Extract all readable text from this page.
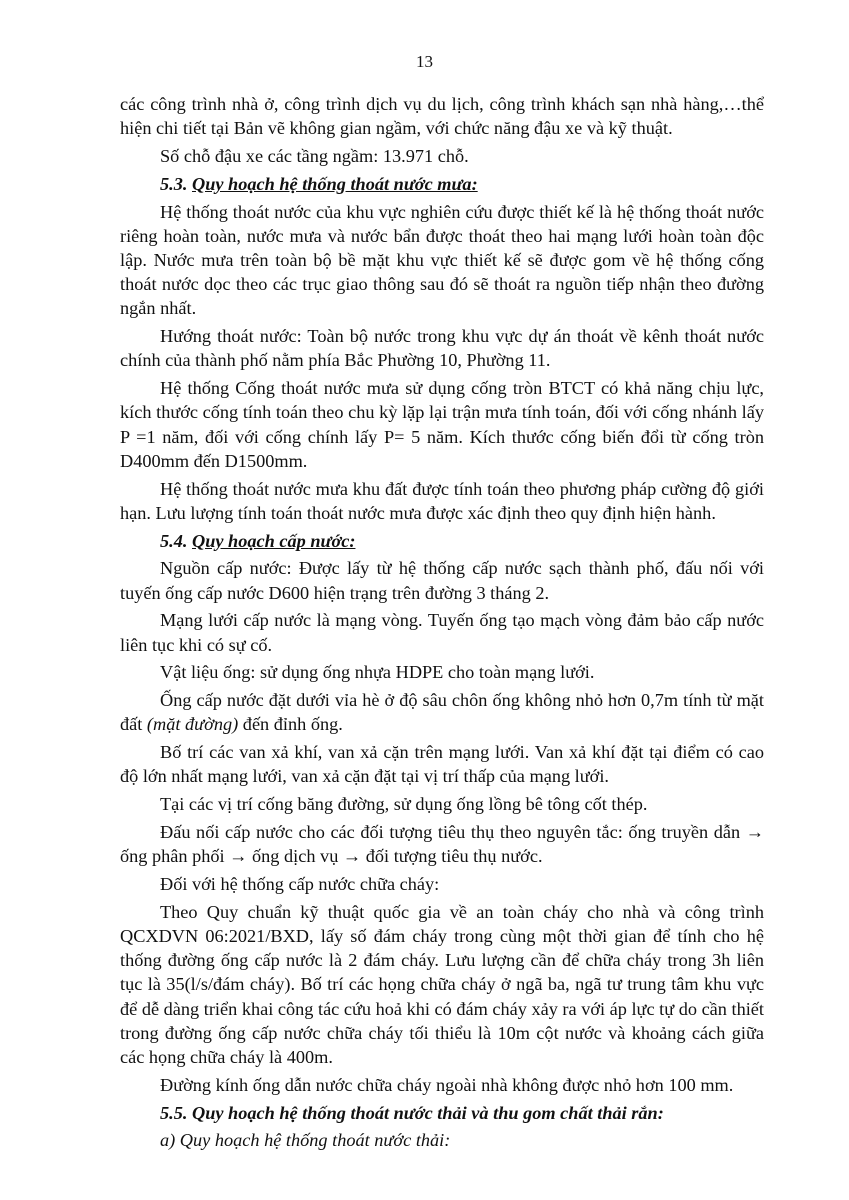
13

các công trình nhà ở, công trình dịch vụ du lịch, công trình khách sạn nhà hàng,…thể hiện chi tiết tại Bản vẽ không gian ngầm, với chức năng đậu xe và kỹ thuật.

Số chỗ đậu xe các tầng ngầm: 13.971 chỗ.

5.3. Quy hoạch hệ thống thoát nước mưa:

Hệ thống thoát nước của khu vực nghiên cứu được thiết kế là hệ thống thoát nước riêng hoàn toàn, nước mưa và nước bẩn được thoát theo hai mạng lưới hoàn toàn độc lập. Nước mưa trên toàn bộ bề mặt khu vực thiết kế sẽ được gom về hệ thống cống thoát nước dọc theo các trục giao thông sau đó sẽ thoát ra nguồn tiếp nhận theo đường ngắn nhất.

Hướng thoát nước: Toàn bộ nước trong khu vực dự án thoát về kênh thoát nước chính của thành phố nằm phía Bắc Phường 10, Phường 11.

Hệ thống Cống thoát nước mưa sử dụng cống tròn BTCT có khả năng chịu lực, kích thước cống tính toán theo chu kỳ lặp lại trận mưa tính toán, đối với cống nhánh lấy P =1 năm, đối với cống chính lấy P= 5 năm. Kích thước cống biến đổi từ cống tròn D400mm đến D1500mm.

Hệ thống thoát nước mưa khu đất được tính toán theo phương pháp cường độ giới hạn. Lưu lượng tính toán thoát nước mưa được xác định theo quy định hiện hành.

5.4. Quy hoạch cấp nước:

Nguồn cấp nước: Được lấy từ hệ thống cấp nước sạch thành phố, đấu nối với tuyến ống cấp nước D600 hiện trạng trên đường 3 tháng 2.

Mạng lưới cấp nước là mạng vòng. Tuyến ống tạo mạch vòng đảm bảo cấp nước liên tục khi có sự cố.

Vật liệu ống: sử dụng ống nhựa HDPE cho toàn mạng lưới.

Ống cấp nước đặt dưới vỉa hè ở độ sâu chôn ống không nhỏ hơn 0,7m tính từ mặt đất (mặt đường) đến đỉnh ống.

Bố trí các van xả khí, van xả cặn trên mạng lưới. Van xả khí đặt tại điểm có cao độ lớn nhất mạng lưới, van xả cặn đặt tại vị trí thấp của mạng lưới.

Tại các vị trí cống băng đường, sử dụng ống lồng bê tông cốt thép.

Đấu nối cấp nước cho các đối tượng tiêu thụ theo nguyên tắc: ống truyền dẫn → ống phân phối → ống dịch vụ → đối tượng tiêu thụ nước.

Đối với hệ thống cấp nước chữa cháy:

Theo Quy chuẩn kỹ thuật quốc gia về an toàn cháy cho nhà và công trình QCXDVN 06:2021/BXD, lấy số đám cháy trong cùng một thời gian để tính cho hệ thống đường ống cấp nước là 2 đám cháy. Lưu lượng cần để chữa cháy trong 3h liên tục là 35(l/s/đám cháy). Bố trí các họng chữa cháy ở ngã ba, ngã tư trung tâm khu vực để dễ dàng triển khai công tác cứu hoả khi có đám cháy xảy ra với áp lực tự do cần thiết trong đường ống cấp nước chữa cháy tối thiểu là 10m cột nước và khoảng cách giữa các họng chữa cháy là 400m.

Đường kính ống dẫn nước chữa cháy ngoài nhà không được nhỏ hơn 100 mm.

5.5. Quy hoạch hệ thống thoát nước thải và thu gom chất thải rắn:

a) Quy hoạch hệ thống thoát nước thải:
